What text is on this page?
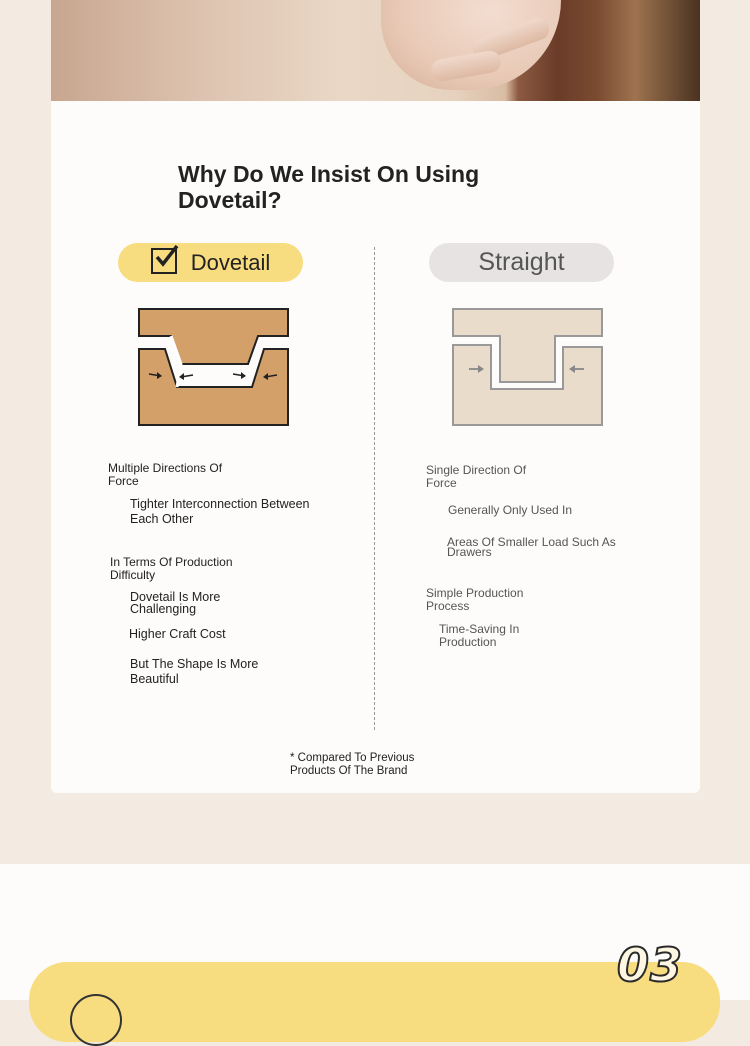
Why Do We Insist On Using Dovetail?
Dovetail	Straight
Multiple Directions Of Force
Tighter Interconnection Between Each Other
In Terms Of Production Difficulty
Dovetail Is More Challenging
Higher Craft Cost
But The Shape Is More Beautiful
Single Direction Of Force
Generally Only Used In
Areas Of Smaller Load Such As Drawers
Simple Production Process
Time-Saving In Production
* Compared To Previous Products Of The Brand
03
